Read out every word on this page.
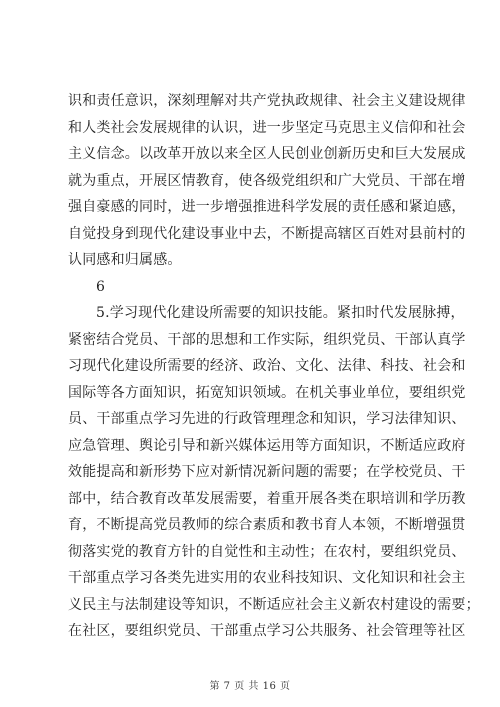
识和责任意识，深刻理解对共产党执政规律、社会主义建设规律
和人类社会发展规律的认识，进一步坚定马克思主义信仰和社会
主义信念。以改革开放以来全区人民创业创新历史和巨大发展成
就为重点，开展区情教育，使各级党组织和广大党员、干部在增
强自豪感的同时，进一步增强推进科学发展的责任感和紧迫感，
自觉投身到现代化建设事业中去，不断提高辖区百姓对县前村的
认同感和归属感。
6
5.学习现代化建设所需要的知识技能。紧扣时代发展脉搏，
紧密结合党员、干部的思想和工作实际，组织党员、干部认真学
习现代化建设所需要的经济、政治、文化、法律、科技、社会和
国际等各方面知识，拓宽知识领域。在机关事业单位，要组织党
员、干部重点学习先进的行政管理理念和知识，学习法律知识、
应急管理、舆论引导和新兴媒体运用等方面知识，不断适应政府
效能提高和新形势下应对新情况新问题的需要；在学校党员、干
部中，结合教育改革发展需要，着重开展各类在职培训和学历教
育，不断提高党员教师的综合素质和教书育人本领，不断增强贯
彻落实党的教育方针的自觉性和主动性；在农村，要组织党员、
干部重点学习各类先进实用的农业科技知识、文化知识和社会主
义民主与法制建设等知识，不断适应社会主义新农村建设的需要；
在社区，要组织党员、干部重点学习公共服务、社会管理等社区
第 7 页 共 16 页
